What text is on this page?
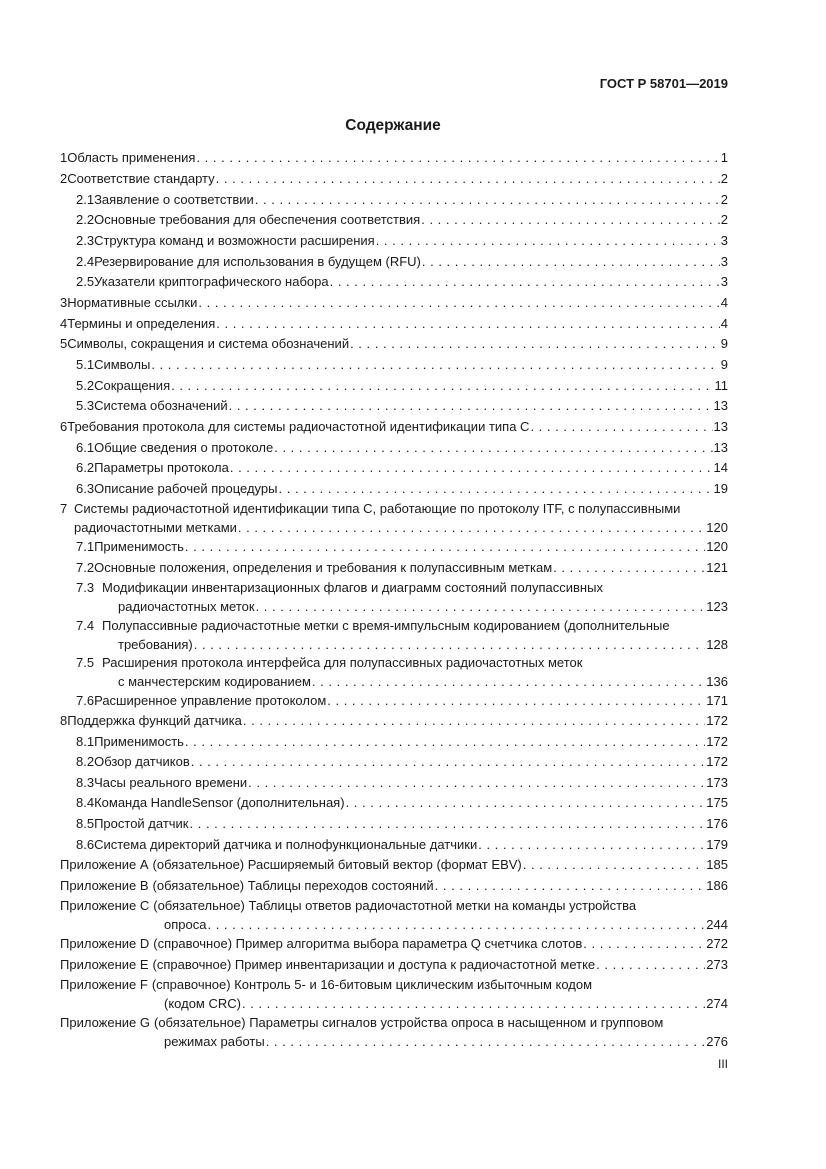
ГОСТ Р 58701—2019
Содержание
1 Область применения . . .	1
2 Соответствие стандарту . . .	2
2.1 Заявление о соответствии . . .	2
2.2 Основные требования для обеспечения соответствия . . .	2
2.3 Структура команд и возможности расширения . . .	3
2.4 Резервирование для использования в будущем (RFU) . . .	3
2.5 Указатели криптографического набора . . .	3
3 Нормативные ссылки . . .	4
4 Термины и определения . . .	4
5 Символы, сокращения и система обозначений . . .	9
5.1 Символы . . .	9
5.2 Сокращения . . .	11
5.3 Система обозначений . . .	13
6 Требования протокола для системы радиочастотной идентификации типа С . . .	13
6.1 Общие сведения о протоколе . . .	13
6.2 Параметры протокола . . .	14
6.3 Описание рабочей процедуры . . .	19
7 Системы радиочастотной идентификации типа С, работающие по протоколу ITF, с полупассивными
радиочастотными метками . . .	120
7.1 Применимость . . .	120
7.2 Основные положения, определения и требования к полупассивным меткам . . .	121
7.3 Модификации инвентаризационных флагов и диаграмм состояний полупассивных
радиочастотных меток . . .	123
7.4 Полупассивные радиочастотные метки с время-импульсным кодированием (дополнительные
требования) . . .	128
7.5 Расширения протокола интерфейса для полупассивных радиочастотных меток
с манчестерским кодированием . . .	136
7.6 Расширенное управление протоколом . . .	171
8 Поддержка функций датчика . . .	172
8.1 Применимость . . .	172
8.2 Обзор датчиков . . .	172
8.3 Часы реального времени . . .	173
8.4 Команда HandleSensor (дополнительная) . . .	175
8.5 Простой датчик . . .	176
8.6 Система директорий датчика и полнофункциональные датчики . . .	179
Приложение А (обязательное) Расширяемый битовый вектор (формат EBV) . . .	185
Приложение В (обязательное) Таблицы переходов состояний . . .	186
Приложение С (обязательное) Таблицы ответов радиочастотной метки на команды устройства
опроса . . .	244
Приложение D (справочное) Пример алгоритма выбора параметра Q счетчика слотов . . .	272
Приложение Е (справочное) Пример инвентаризации и доступа к радиочастотной метке . . .	273
Приложение F (справочное) Контроль 5- и 16-битовым циклическим избыточным кодом
(кодом CRC) . . .	274
Приложение G (обязательное) Параметры сигналов устройства опроса в насыщенном и групповом
режимах работы . . .	276
III
